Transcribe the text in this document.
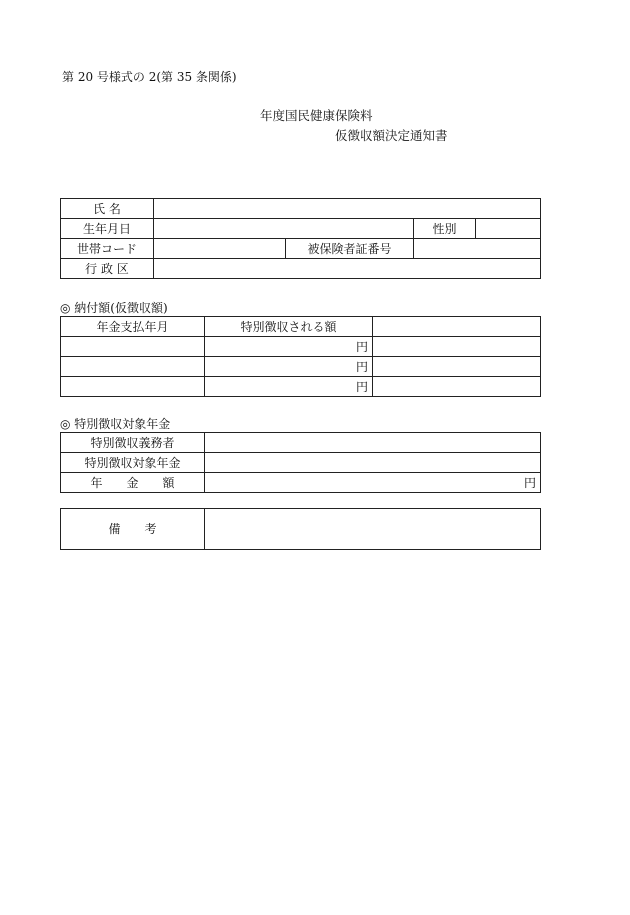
第 20 号様式の 2(第 35 条関係)
年度国民健康保険料
仮徴収額決定通知書
氏 名				
生年月日			性別	
世帯コード		被保険者証番号		
行 政 区				
◎ 納付額(仮徴収額)
年金支払年月	特別徴収される額	
	円	
	円	
	円	
◎ 特別徴収対象年金
特別徴収義務者	
特別徴収対象年金	
年　　金　　額	円
備　　考	
